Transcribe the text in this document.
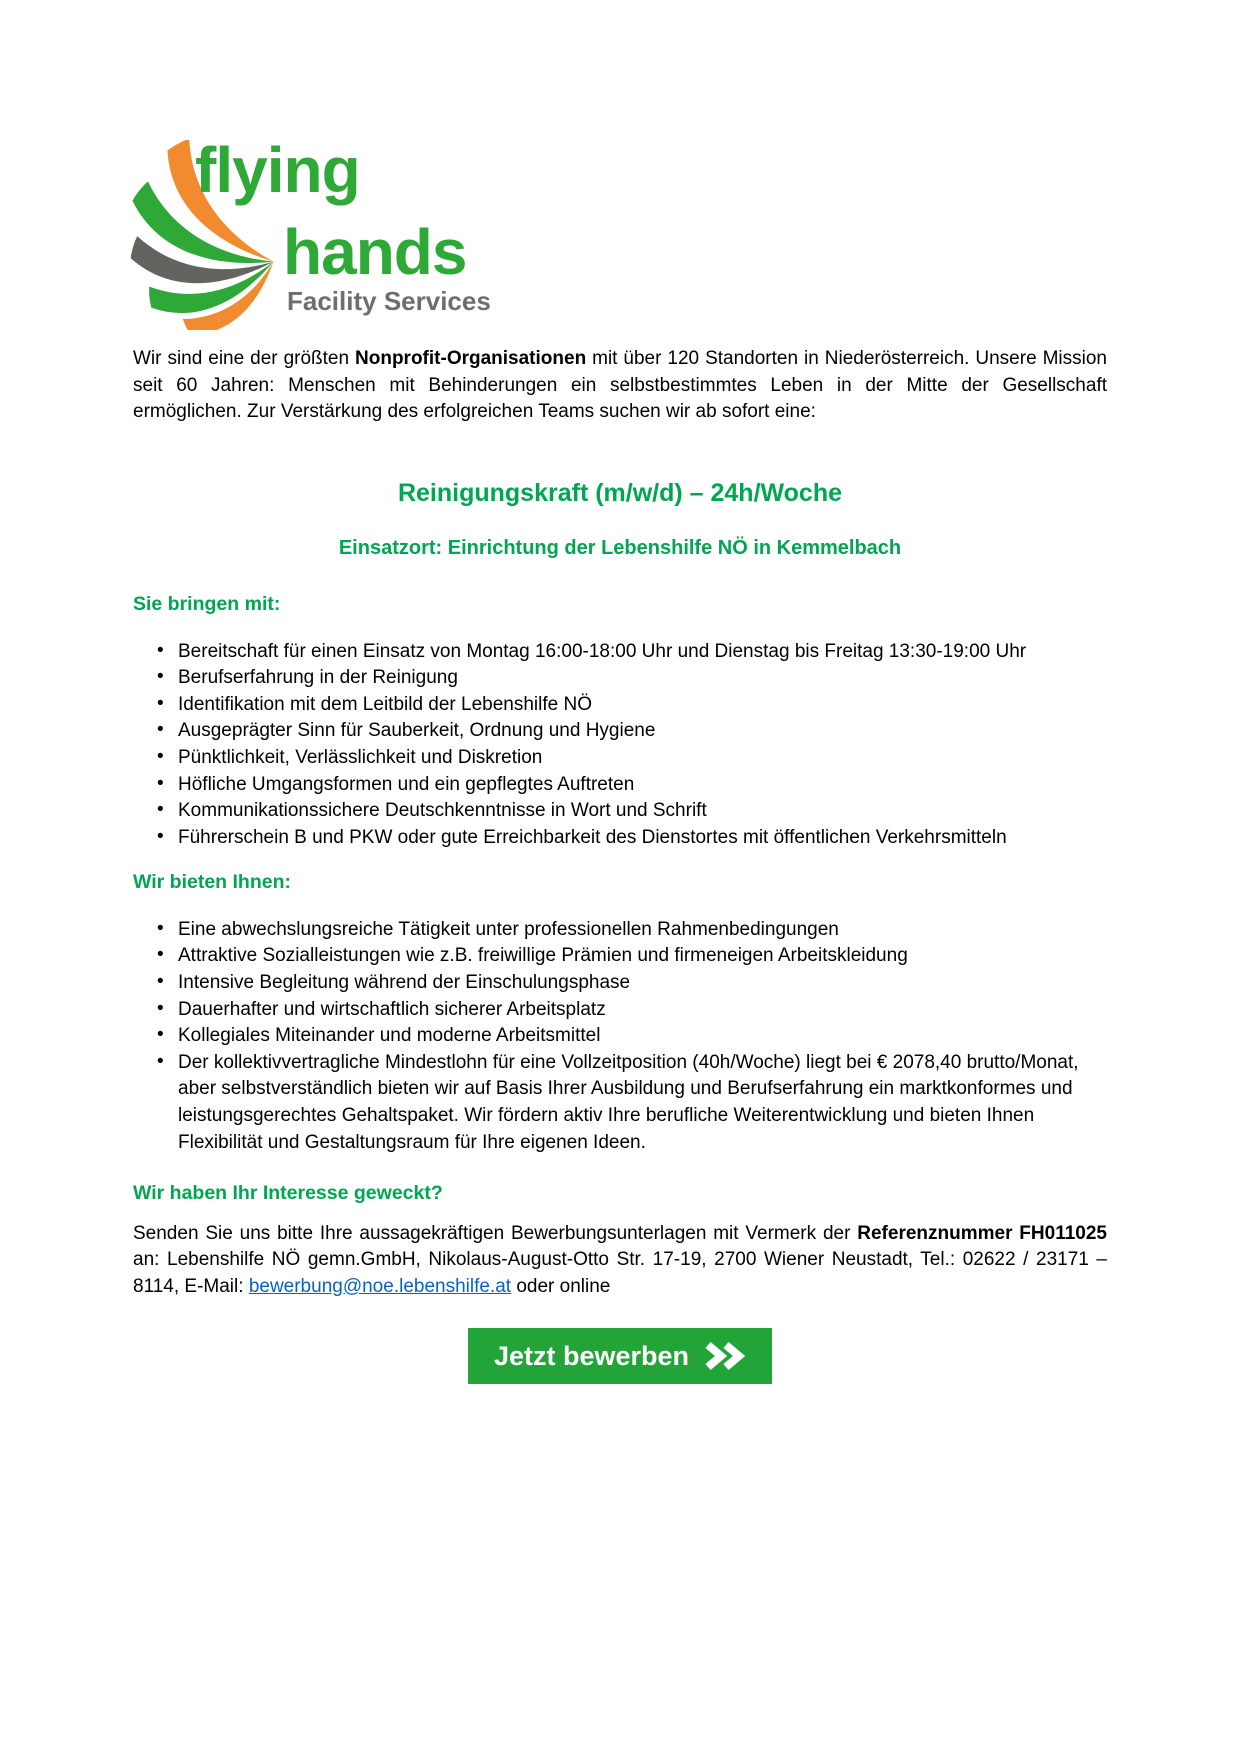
flying
hands
Facility Services

Wir sind eine der größten Nonprofit-Organisationen mit über 120 Standorten in Niederösterreich. Unsere Mission seit 60 Jahren: Menschen mit Behinderungen ein selbstbestimmtes Leben in der Mitte der Gesellschaft ermöglichen. Zur Verstärkung des erfolgreichen Teams suchen wir ab sofort eine:

Reinigungskraft (m/w/d) – 24h/Woche
Einsatzort: Einrichtung der Lebenshilfe NÖ in Kemmelbach
Sie bringen mit:
• Bereitschaft für einen Einsatz von Montag 16:00-18:00 Uhr und Dienstag bis Freitag 13:30-19:00 Uhr
• Berufserfahrung in der Reinigung
• Identifikation mit dem Leitbild der Lebenshilfe NÖ
• Ausgeprägter Sinn für Sauberkeit, Ordnung und Hygiene
• Pünktlichkeit, Verlässlichkeit und Diskretion
• Höfliche Umgangsformen und ein gepflegtes Auftreten
• Kommunikationssichere Deutschkenntnisse in Wort und Schrift
• Führerschein B und PKW oder gute Erreichbarkeit des Dienstortes mit öffentlichen Verkehrsmitteln
Wir bieten Ihnen:
• Eine abwechslungsreiche Tätigkeit unter professionellen Rahmenbedingungen
• Attraktive Sozialleistungen wie z.B. freiwillige Prämien und firmeneigen Arbeitskleidung
• Intensive Begleitung während der Einschulungsphase
• Dauerhafter und wirtschaftlich sicherer Arbeitsplatz
• Kollegiales Miteinander und moderne Arbeitsmittel
• Der kollektivvertragliche Mindestlohn für eine Vollzeitposition (40h/Woche) liegt bei € 2078,40 brutto/Monat, aber selbstverständlich bieten wir auf Basis Ihrer Ausbildung und Berufserfahrung ein marktkonformes und leistungsgerechtes Gehaltspaket. Wir fördern aktiv Ihre berufliche Weiterentwicklung und bieten Ihnen Flexibilität und Gestaltungsraum für Ihre eigenen Ideen.
Wir haben Ihr Interesse geweckt?

Senden Sie uns bitte Ihre aussagekräftigen Bewerbungsunterlagen mit Vermerk der Referenznummer FH011025 an: Lebenshilfe NÖ gemn.GmbH, Nikolaus-August-Otto Str. 17-19, 2700 Wiener Neustadt, Tel.: 02622 / 23171 – 8114, E-Mail: bewerbung@noe.lebenshilfe.at oder online

Jetzt bewerben
